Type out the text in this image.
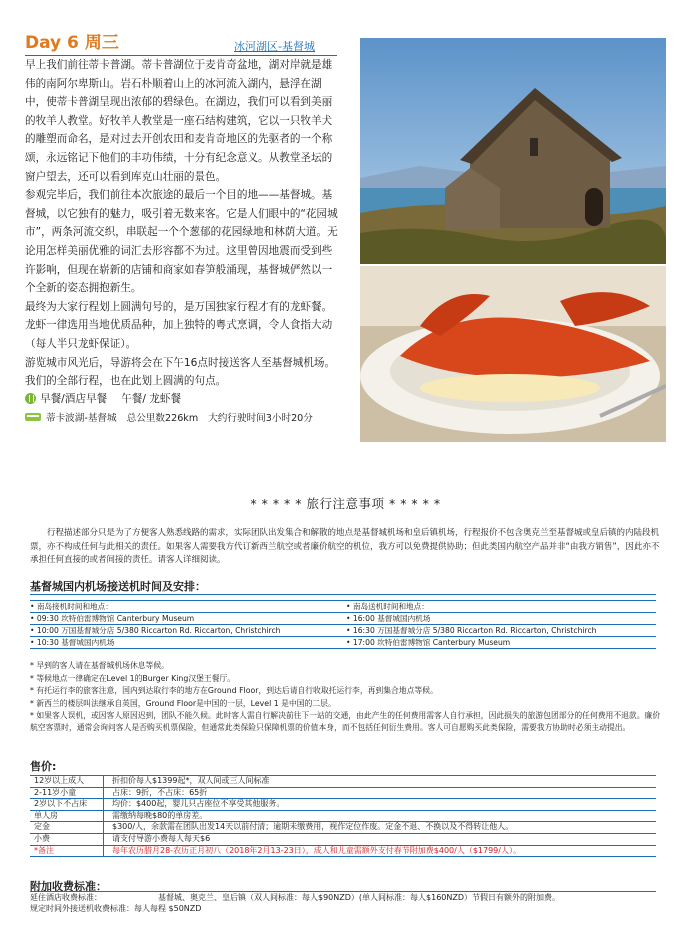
Day 6 周三	冰河湖区-基督城

早上我们前往蒂卡普湖。蒂卡普湖位于麦肯奇盆地，湖对岸就是雄伟的南阿尔卑斯山。岩石朴顺着山上的冰河流入湖内，悬浮在湖中，使蒂卡普湖呈现出浓郁的碧绿色。在湖边，我们可以看到美丽的牧羊人教堂。好牧羊人教堂是一座石结构建筑，它以一只牧羊犬的雕塑而命名，是对过去开创农田和麦肯奇地区的先驱者的一个称颂，永远铭记下他们的丰功伟绩，十分有纪念意义。从教堂圣坛的窗户望去，还可以看到库克山壮丽的景色。

参观完毕后，我们前往本次旅途的最后一个目的地——基督城。基督城，以它独有的魅力，吸引着无数来客。它是人们眼中的“花园城市”，两条河流交织，串联起一个个葱郁的花园绿地和林荫大道。无论用怎样美丽优雅的词汇去形容都不为过。这里曾因地震而受到些许影响，但现在崭新的店铺和商家如春笋般涌现，基督城俨然以一个全新的姿态拥抱新生。

最终为大家行程划上圆满句号的，是万国独家行程才有的龙虾餐。龙虾一律选用当地优质品种，加上独特的粤式烹调，令人食指大动（每人半只龙虾保证）。

游览城市风光后，导游将会在下午16点时接送客人至基督城机场。我们的全部行程，也在此划上圆满的句点。

早餐/酒店早餐 午餐/ 龙虾餐
蒂卡波湖-基督城 总公里数226km 大约行驶时间3小时20分
* * * * * 旅行注意事项 * * * * *
行程描述部分只是为了方便客人熟悉线路的需求，实际团队出发集合和解散的地点是基督城机场和皇后镇机场，行程报价不包含奥克兰至基督城或皇后镇的内陆段机票，亦不构成任何与此相关的责任。如果客人需要我方代订新西兰航空或者廉价航空的机位，我方可以免费提供协助；但此类国内航空产品并非“由我方销售”，因此亦不承担任何直接的或者间接的责任。请客人详细阅读。
基督城国内机场接送机时间及安排：
• 南岛接机时间和地点：	• 南岛送机时间和地点：
• 09:30 坎特伯雷博物馆 Canterbury Museum	• 16:00 基督城国内机场
• 10:00 万国基督城分店 5/380 Riccarton Rd. Riccarton, Christchirch	• 16:30 万国基督城分店 5/380 Riccarton Rd. Riccarton, Christchirch
• 10:30 基督城国内机场	• 17:00 坎特伯雷博物馆 Canterbury Museum
* 早到的客人请在基督城机场休息等候。
* 等候地点一律确定在Level 1的Burger King汉堡王餐厅。
* 有托运行李的旅客注意，国内到达取行李的地方在Ground Floor，到达后请自行收取托运行李，再到集合地点等候。
* 新西兰的楼层叫法继承自英国，Ground Floor是中国的一层，Level 1 是中国的二层。
* 如果客人误机，或因客人原因迟到，团队不能久候。此时客人需自行解决前往下一站的交通，由此产生的任何费用需客人自行承担，因此损失的旅游包团部分的任何费用不退款。廉价航空客票时，通常会询问客人是否购买机票保险，但通常此类保险只保障机票的价值本身，而不包括任何衍生费用。客人可自愿购买此类保险，需要我方协助时必须主动提出。
售价:
12岁以上成人	折扣价每人$1399起*，双人间或三人间标准
2-11岁小童	占床：9折，不占床：65折
2岁以下不占床	均价：$400起，婴儿只占座位不享受其他服务。
单人房	需缴纳每晚$80的单房差。
定金	$300/人，余款需在团队出发14天以前付清；逾期未缴费用，视作定位作废。定金不退、不换以及不得转让他人。
小费	请支付导游小费每人每天$6
*备注	每年农历腊月28-农历正月初八（2018年2月13-23日），成人和儿童需额外支付春节附加费$400/人（$1799/人）。
附加收费标准：
延住酒店收费标准：	基督城、奥克兰、皇后镇（双人间标准：每人$90NZD）(单人间标准：每人$160NZD）节假日有额外的附加费。
规定时间外接送机收费标准： 每人每程 $50NZD
